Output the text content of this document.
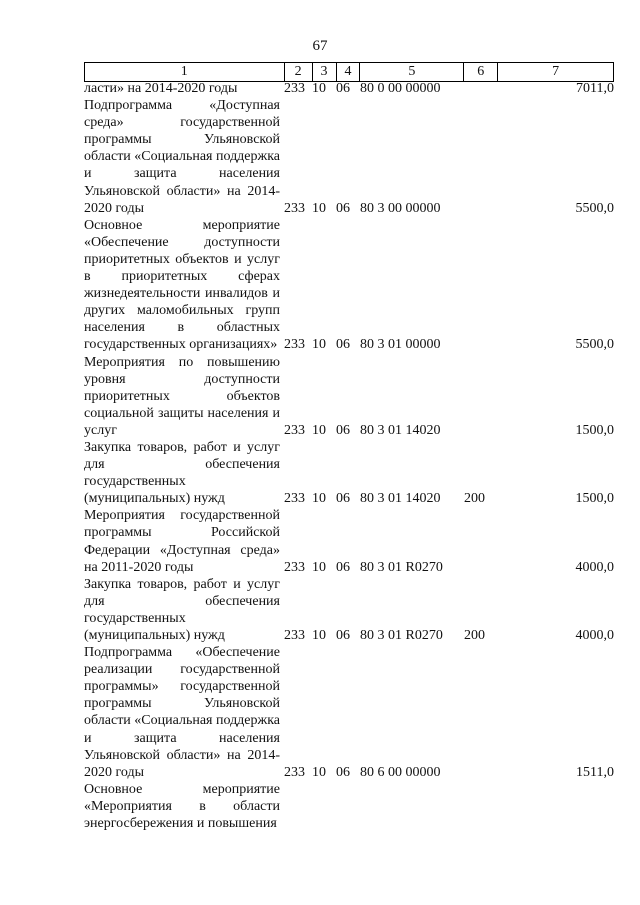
67
1	2	3	4	5	6	7
ласти» на 2014-2020 годы	233	10	06	80 0 00 00000		7011,0
Подпрограмма «Доступная среда» государственной программы Ульяновской области «Социальная поддержка и защита населения Ульяновской области» на 2014-2020 годы	233	10	06	80 3 00 00000		5500,0
Основное мероприятие «Обеспечение доступности приоритетных объектов и услуг в приоритетных сферах жизнедеятельности инвалидов и других маломобильных групп населения в областных государственных организациях»	233	10	06	80 3 01 00000		5500,0
Мероприятия по повышению уровня доступности приоритетных объектов социальной защиты населения и услуг	233	10	06	80 3 01 14020		1500,0
Закупка товаров, работ и услуг для обеспечения государственных (муниципальных) нужд	233	10	06	80 3 01 14020	200	1500,0
Мероприятия государственной программы Российской Федерации «Доступная среда» на 2011-2020 годы	233	10	06	80 3 01 R0270		4000,0
Закупка товаров, работ и услуг для обеспечения государственных (муниципальных) нужд	233	10	06	80 3 01 R0270	200	4000,0
Подпрограмма «Обеспечение реализации государственной программы» государственной программы Ульяновской области «Социальная поддержка и защита населения Ульяновской области» на 2014-2020 годы	233	10	06	80 6 00 00000		1511,0
Основное мероприятие «Мероприятия в области энергосбережения и повышения						
